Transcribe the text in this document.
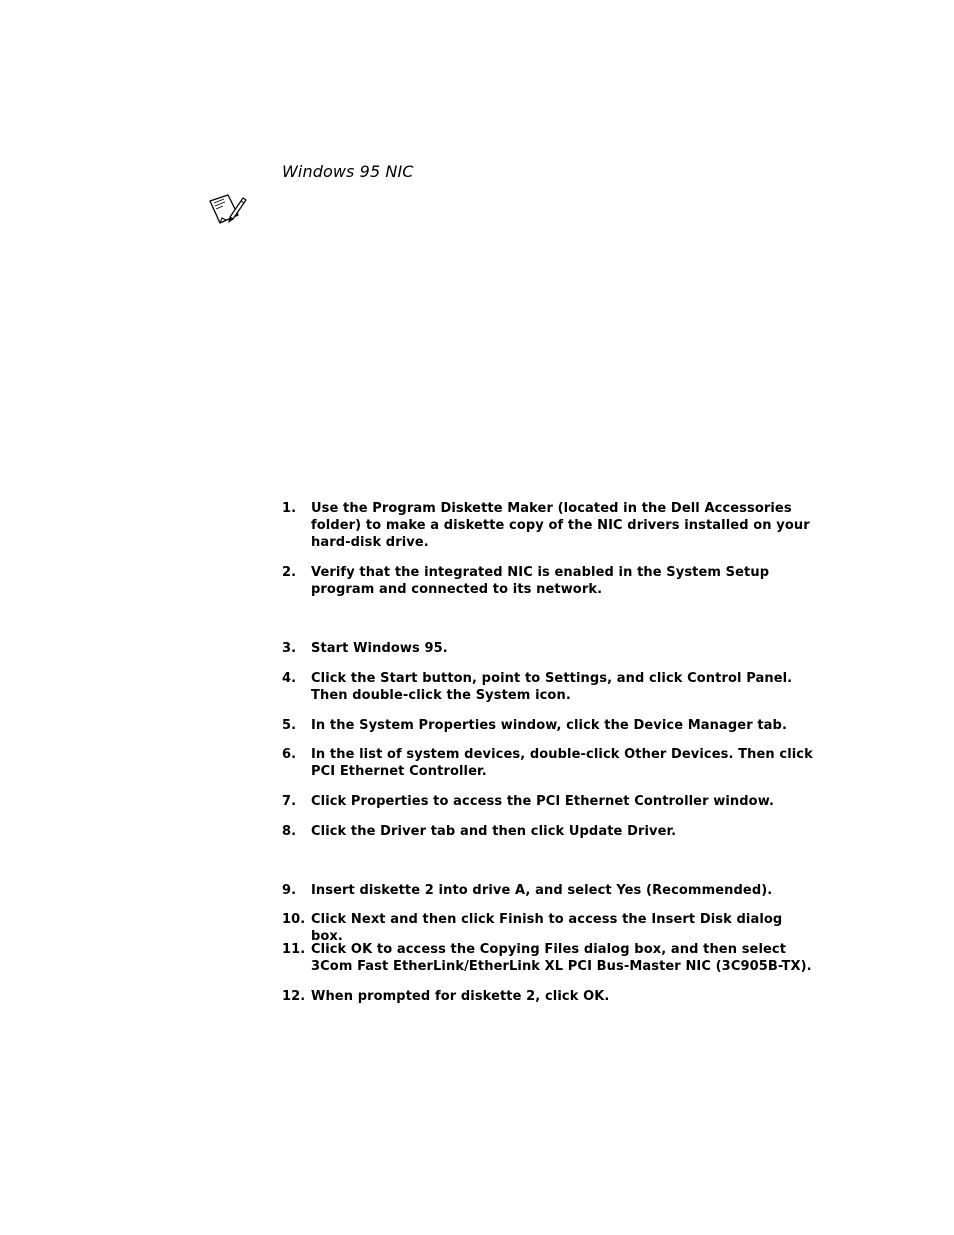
Windows 95 NIC
1.	Use the Program Diskette Maker (located in the Dell Accessories folder) to make a diskette copy of the NIC drivers installed on your hard-disk drive.
2.	Verify that the integrated NIC is enabled in the System Setup program and connected to its network.
3.	Start Windows 95.
4.	Click the Start button, point to Settings, and click Control Panel. Then double-click the System icon.
5.	In the System Properties window, click the Device Manager tab.
6.	In the list of system devices, double-click Other Devices. Then click PCI Ethernet Controller.
7.	Click Properties to access the PCI Ethernet Controller window.
8.	Click the Driver tab and then click Update Driver.
9.	Insert diskette 2 into drive A, and select Yes (Recommended).
10. Click Next and then click Finish to access the Insert Disk dialog box.
11. Click OK to access the Copying Files dialog box, and then select 3Com Fast EtherLink/EtherLink XL PCI Bus-Master NIC (3C905B-TX).
12. When prompted for diskette 2, click OK.
